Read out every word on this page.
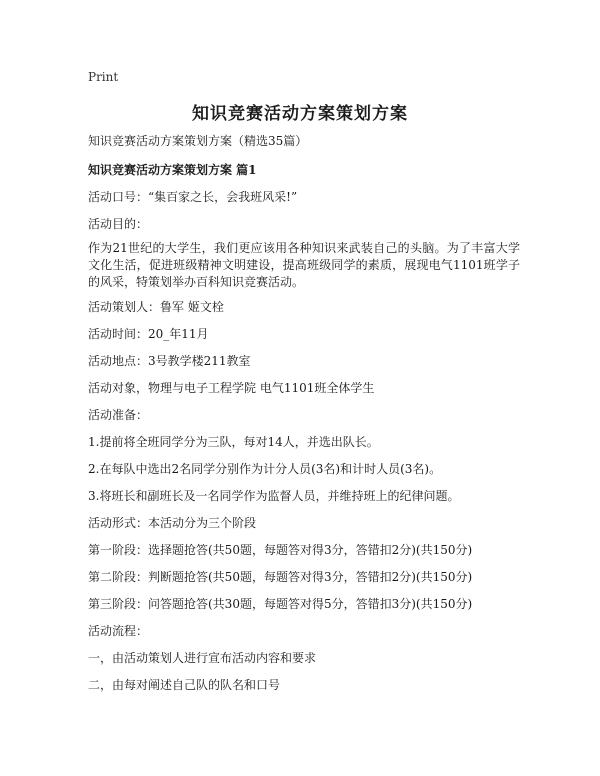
Print
知识竞赛活动方案策划方案
知识竞赛活动方案策划方案（精选35篇）
知识竞赛活动方案策划方案 篇1
活动口号：“集百家之长，会我班风采!”
活动目的：
作为21世纪的大学生，我们更应该用各种知识来武装自己的头脑。为了丰富大学文化生活，促进班级精神文明建设，提高班级同学的素质，展现电气1101班学子的风采，特策划举办百科知识竞赛活动。
活动策划人：鲁军 姬文栓
活动时间：20_年11月
活动地点：3号教学楼211教室
活动对象，物理与电子工程学院 电气1101班全体学生
活动准备：
1.提前将全班同学分为三队，每对14人，并选出队长。
2.在每队中选出2名同学分别作为计分人员(3名)和计时人员(3名)。
3.将班长和副班长及一名同学作为监督人员，并维持班上的纪律问题。
活动形式：本活动分为三个阶段
第一阶段：选择题抢答(共50题，每题答对得3分，答错扣2分)(共150分)
第二阶段：判断题抢答(共50题，每题答对得3分，答错扣2分)(共150分)
第三阶段：问答题抢答(共30题，每题答对得5分，答错扣3分)(共150分)
活动流程：
一，由活动策划人进行宣布活动内容和要求
二，由每对阐述自己队的队名和口号
